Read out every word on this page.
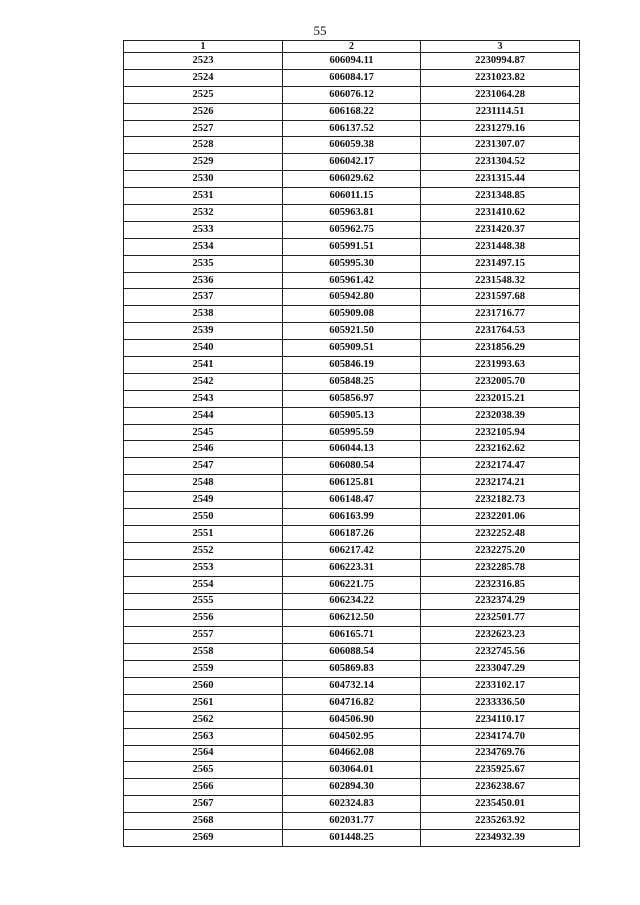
55
1	2	3
2523	606094.11	2230994.87
2524	606084.17	2231023.82
2525	606076.12	2231064.28
2526	606168.22	2231114.51
2527	606137.52	2231279.16
2528	606059.38	2231307.07
2529	606042.17	2231304.52
2530	606029.62	2231315.44
2531	606011.15	2231348.85
2532	605963.81	2231410.62
2533	605962.75	2231420.37
2534	605991.51	2231448.38
2535	605995.30	2231497.15
2536	605961.42	2231548.32
2537	605942.80	2231597.68
2538	605909.08	2231716.77
2539	605921.50	2231764.53
2540	605909.51	2231856.29
2541	605846.19	2231993.63
2542	605848.25	2232005.70
2543	605856.97	2232015.21
2544	605905.13	2232038.39
2545	605995.59	2232105.94
2546	606044.13	2232162.62
2547	606080.54	2232174.47
2548	606125.81	2232174.21
2549	606148.47	2232182.73
2550	606163.99	2232201.06
2551	606187.26	2232252.48
2552	606217.42	2232275.20
2553	606223.31	2232285.78
2554	606221.75	2232316.85
2555	606234.22	2232374.29
2556	606212.50	2232501.77
2557	606165.71	2232623.23
2558	606088.54	2232745.56
2559	605869.83	2233047.29
2560	604732.14	2233102.17
2561	604716.82	2233336.50
2562	604506.90	2234110.17
2563	604502.95	2234174.70
2564	604662.08	2234769.76
2565	603064.01	2235925.67
2566	602894.30	2236238.67
2567	602324.83	2235450.01
2568	602031.77	2235263.92
2569	601448.25	2234932.39
